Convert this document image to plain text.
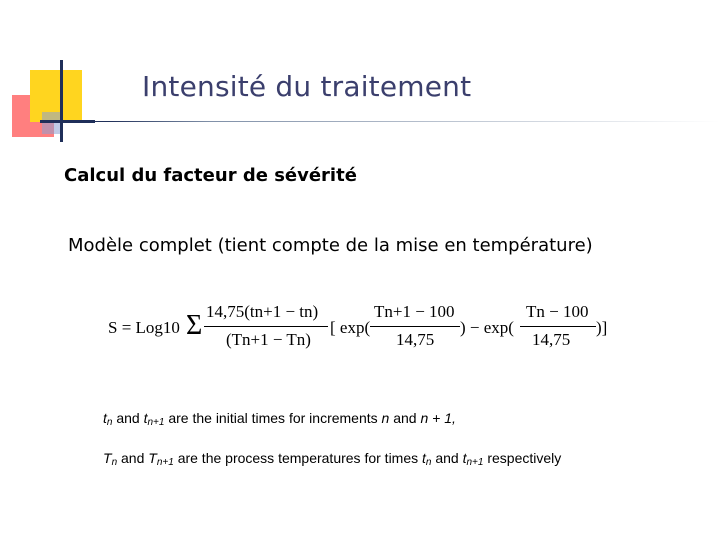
Intensité du traitement
Calcul du facteur de sévérité

Modèle complet (tient compte de la mise en température)

S = Log10 Σ 14,75(tn+1 − tn)
(Tn+1 − Tn)
[ exp(
Tn+1 − 100
14,75
) − exp(
Tn − 100
14,75
)]
$t_n$ and $t_{n+1}$ are the initial times for increments n and n + 1,
$T_n$ and $T_{n+1}$ are the process temperatures for times $t_n$ and $t_{n+1}$ respectively
